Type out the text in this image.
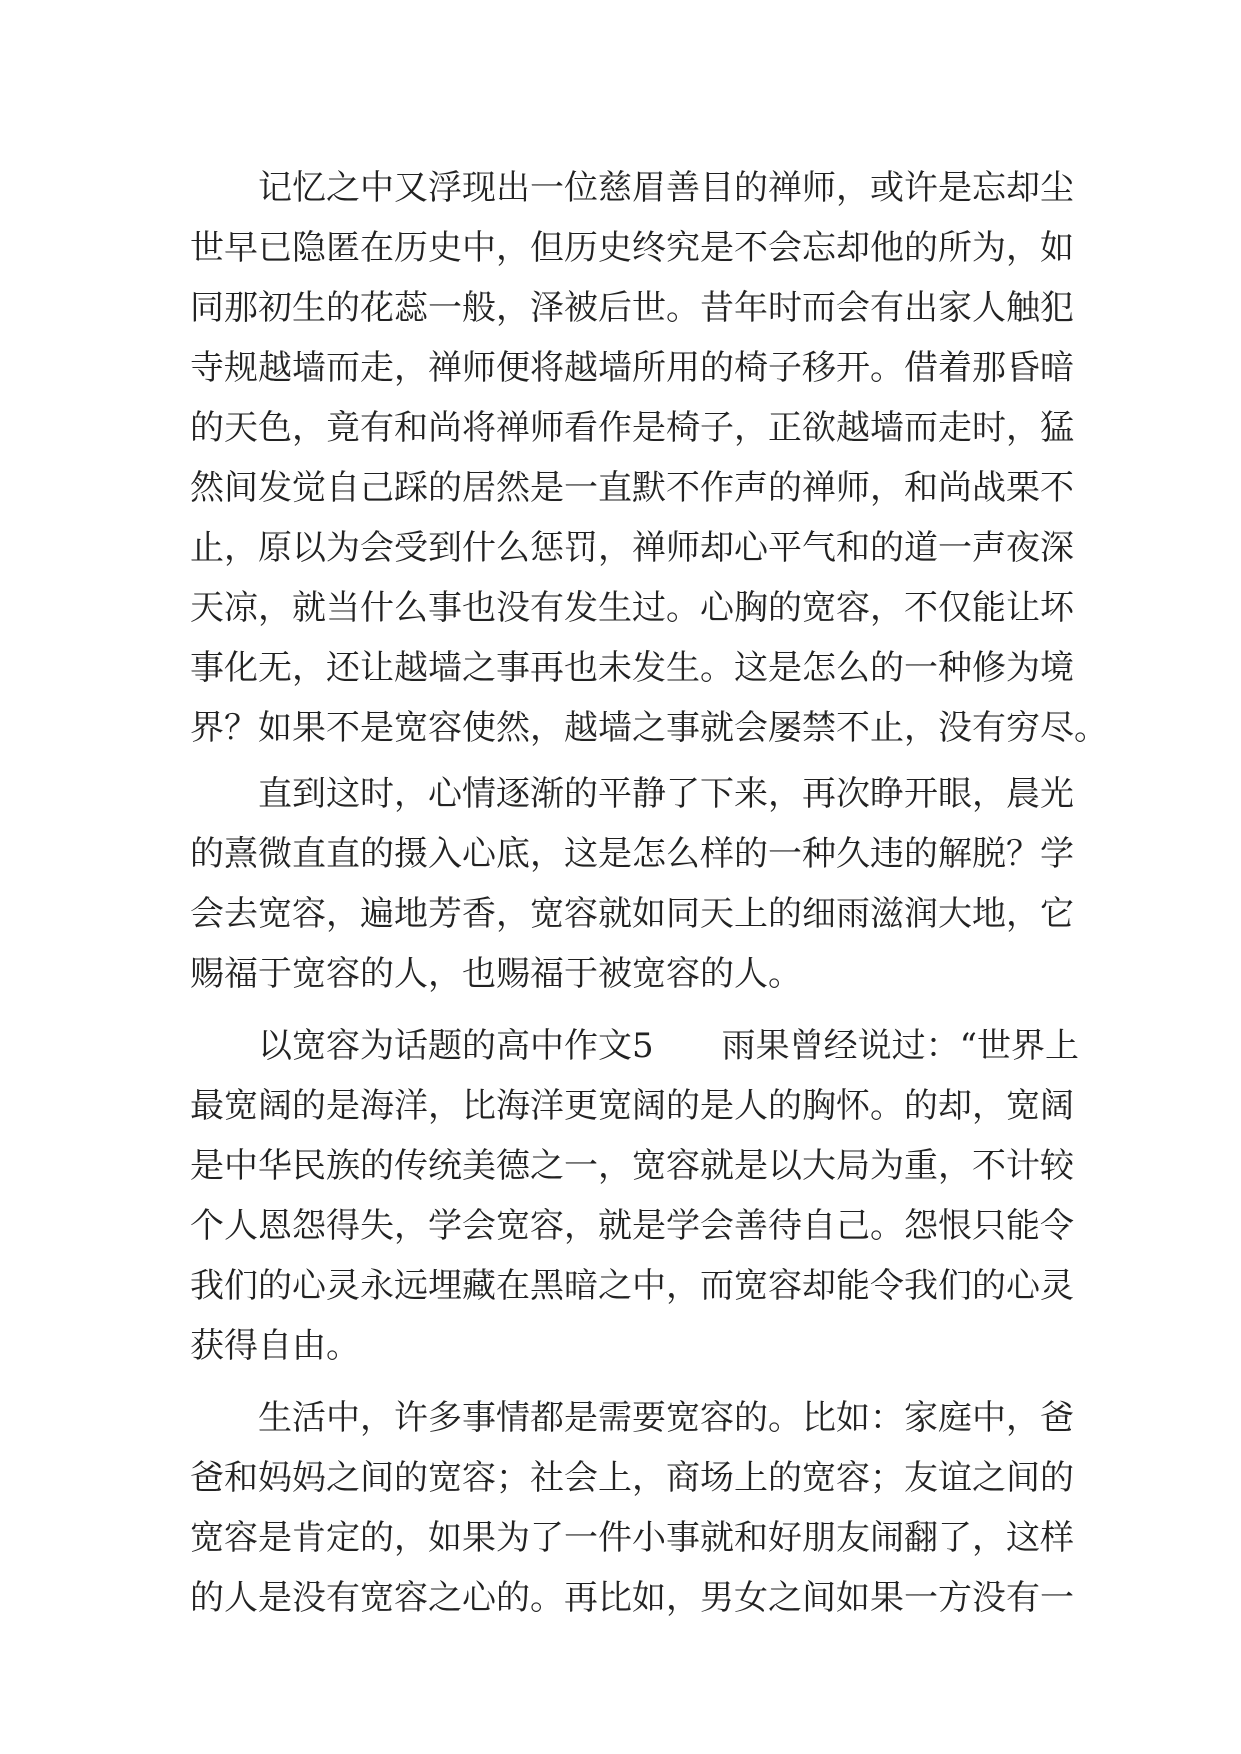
记忆之中又浮现出一位慈眉善目的禅师，或许是忘却尘
世早已隐匿在历史中，但历史终究是不会忘却他的所为，如
同那初生的花蕊一般，泽被后世。昔年时而会有出家人触犯
寺规越墙而走，禅师便将越墙所用的椅子移开。借着那昏暗
的天色，竟有和尚将禅师看作是椅子，正欲越墙而走时，猛
然间发觉自己踩的居然是一直默不作声的禅师，和尚战栗不
止，原以为会受到什么惩罚，禅师却心平气和的道一声夜深
天凉，就当什么事也没有发生过。心胸的宽容，不仅能让坏
事化无，还让越墙之事再也未发生。这是怎么的一种修为境
界？如果不是宽容使然，越墙之事就会屡禁不止，没有穷尽。
直到这时，心情逐渐的平静了下来，再次睁开眼，晨光
的熹微直直的摄入心底，这是怎么样的一种久违的解脱？学
会去宽容，遍地芳香，宽容就如同天上的细雨滋润大地，它
赐福于宽容的人，也赐福于被宽容的人。
以宽容为话题的高中作文5　　雨果曾经说过：“世界上
最宽阔的是海洋，比海洋更宽阔的是人的胸怀。的却，宽阔
是中华民族的传统美德之一，宽容就是以大局为重，不计较
个人恩怨得失，学会宽容，就是学会善待自己。怨恨只能令
我们的心灵永远埋藏在黑暗之中，而宽容却能令我们的心灵
获得自由。
生活中，许多事情都是需要宽容的。比如：家庭中，爸
爸和妈妈之间的宽容；社会上，商场上的宽容；友谊之间的
宽容是肯定的，如果为了一件小事就和好朋友闹翻了，这样
的人是没有宽容之心的。再比如，男女之间如果一方没有一
